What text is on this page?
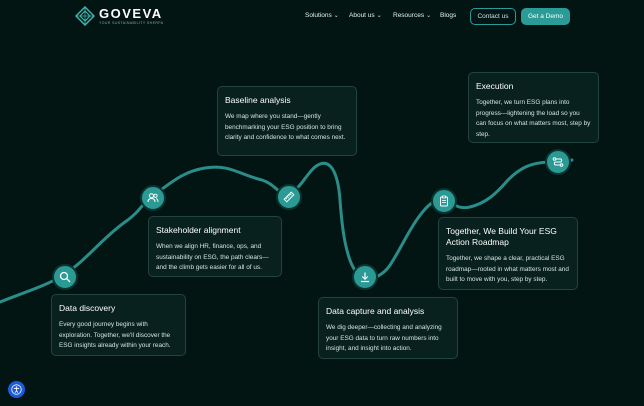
GOVEVA
YOUR SUSTAINABILITY SHERPA
Solutions ⌄ About us ⌄ Resources ⌄ Blogs	Contact us	Get a Demo
Data discovery

Every good journey begins with exploration. Together, we'll discover the ESG insights already within your reach.

Stakeholder alignment

When we align HR, finance, ops, and sustainability on ESG, the path clears—and the climb gets easier for all of us.

Baseline analysis

We map where you stand—gently benchmarking your ESG position to bring clarity and confidence to what comes next.

Data capture and analysis

We dig deeper—collecting and analyzing your ESG data to turn raw numbers into insight, and insight into action.

Together, We Build Your ESG Action Roadmap

Together, we shape a clear, practical ESG roadmap—rooted in what matters most and built to move with you, step by step.

Execution

Together, we turn ESG plans into progress—lightening the load so you can focus on what matters most, step by step.
